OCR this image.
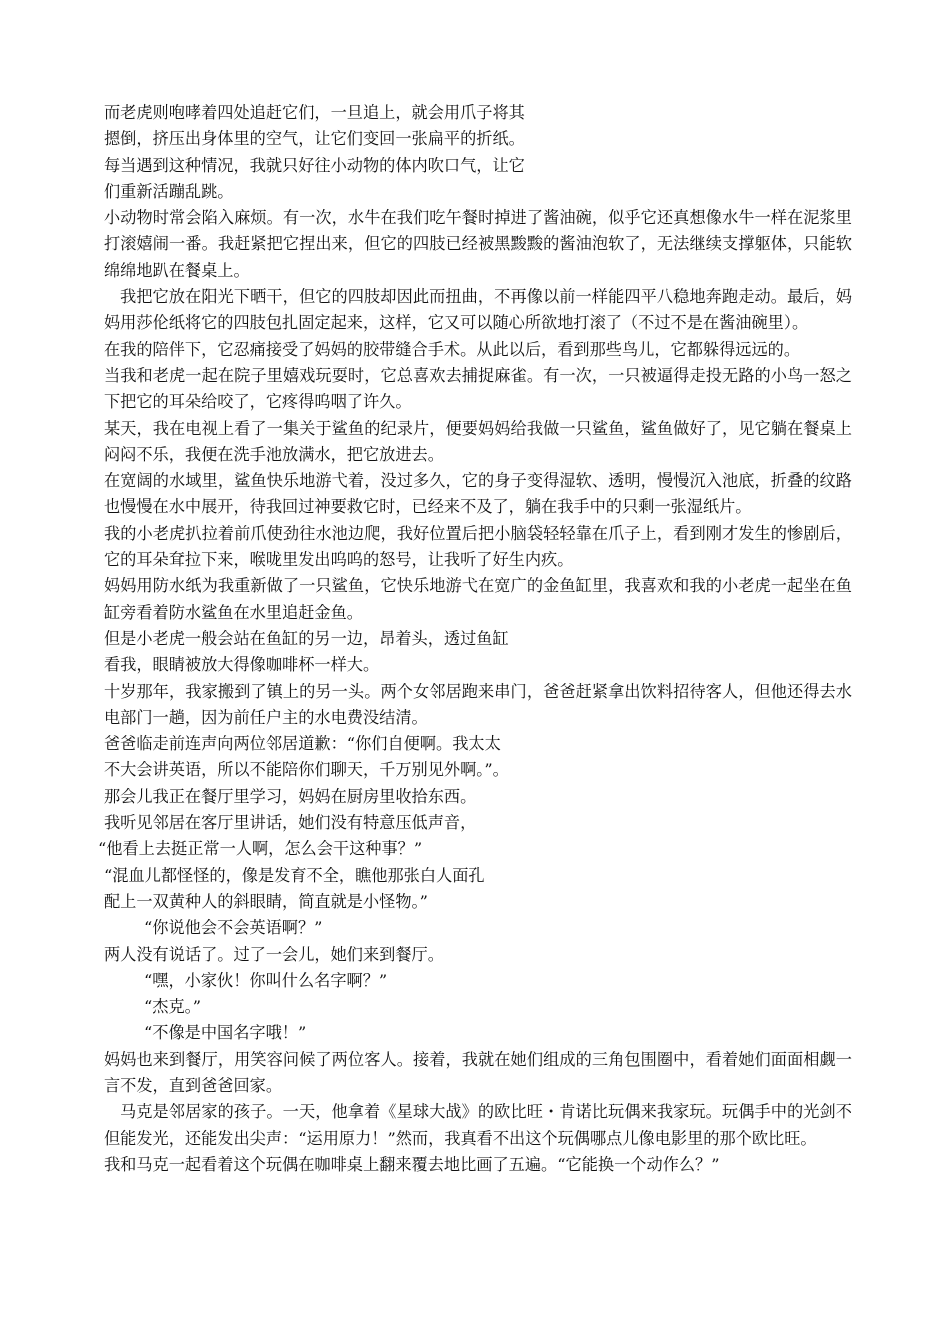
而老虎则咆哮着四处追赶它们，一旦追上，就会用爪子将其
摁倒，挤压出身体里的空气，让它们变回一张扁平的折纸。
每当遇到这种情况，我就只好往小动物的体内吹口气，让它
们重新活蹦乱跳。

小动物时常会陷入麻烦。有一次，水牛在我们吃午餐时掉进了酱油碗，似乎它还真想像水牛一样在泥浆里打滚嬉闹一番。我赶紧把它捏出来，但它的四肢已经被黑黢黢的酱油泡软了，无法继续支撑躯体，只能软绵绵地趴在餐桌上。

我把它放在阳光下晒干，但它的四肢却因此而扭曲，不再像以前一样能四平八稳地奔跑走动。最后，妈妈用莎伦纸将它的四肢包扎固定起来，这样，它又可以随心所欲地打滚了（不过不是在酱油碗里）。

在我的陪伴下，它忍痛接受了妈妈的胶带缝合手术。从此以后，看到那些鸟儿，它都躲得远远的。

当我和老虎一起在院子里嬉戏玩耍时，它总喜欢去捕捉麻雀。有一次，一只被逼得走投无路的小鸟一怒之下把它的耳朵给咬了，它疼得呜咽了许久。

某天，我在电视上看了一集关于鲨鱼的纪录片，便要妈妈给我做一只鲨鱼，鲨鱼做好了，见它躺在餐桌上闷闷不乐，我便在洗手池放满水，把它放进去。

在宽阔的水域里，鲨鱼快乐地游弋着，没过多久，它的身子变得湿软、透明，慢慢沉入池底，折叠的纹路也慢慢在水中展开，待我回过神要救它时，已经来不及了，躺在我手中的只剩一张湿纸片。

我的小老虎扒拉着前爪使劲往水池边爬，我好位置后把小脑袋轻轻靠在爪子上，看到刚才发生的惨剧后，它的耳朵耷拉下来，喉咙里发出呜呜的怒号，让我听了好生内疚。

妈妈用防水纸为我重新做了一只鲨鱼，它快乐地游弋在宽广的金鱼缸里，我喜欢和我的小老虎一起坐在鱼缸旁看着防水鲨鱼在水里追赶金鱼。

但是小老虎一般会站在鱼缸的另一边，昂着头，透过鱼缸
看我，眼睛被放大得像咖啡杯一样大。

十岁那年，我家搬到了镇上的另一头。两个女邻居跑来串门，爸爸赶紧拿出饮料招待客人，但他还得去水电部门一趟，因为前任户主的水电费没结清。

爸爸临走前连声向两位邻居道歉：“你们自便啊。我太太
不大会讲英语，所以不能陪你们聊天，千万别见外啊。”。
那会儿我正在餐厅里学习，妈妈在厨房里收拾东西。
我听见邻居在客厅里讲话，她们没有特意压低声音，
“他看上去挺正常一人啊，怎么会干这种事？”
“混血儿都怪怪的，像是发育不全，瞧他那张白人面孔
配上一双黄种人的斜眼睛，简直就是小怪物。”
“你说他会不会英语啊？”
两人没有说话了。过了一会儿，她们来到餐厅。
“嘿，小家伙！你叫什么名字啊？”
“杰克。”
“不像是中国名字哦！”

妈妈也来到餐厅，用笑容问候了两位客人。接着，我就在她们组成的三角包围圈中，看着她们面面相觑一言不发，直到爸爸回家。

马克是邻居家的孩子。一天，他拿着《星球大战》的欧比旺・肯诺比玩偶来我家玩。玩偶手中的光剑不但能发光，还能发出尖声：“运用原力！”然而，我真看不出这个玩偶哪点儿像电影里的那个欧比旺。

我和马克一起看着这个玩偶在咖啡桌上翻来覆去地比画了五遍。“它能换一个动作么？”
